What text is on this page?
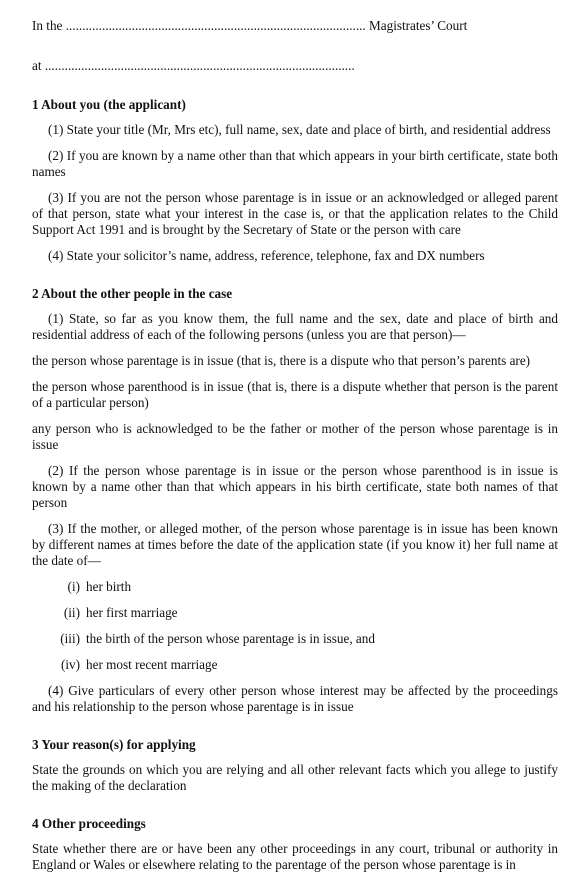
In the ........................................................................................... Magistrates’ Court

at ..............................................................................................

1 About you (the applicant)

(1) State your title (Mr, Mrs etc), full name, sex, date and place of birth, and residential address

(2) If you are known by a name other than that which appears in your birth certificate, state both names

(3) If you are not the person whose parentage is in issue or an acknowledged or alleged parent of that person, state what your interest in the case is, or that the application relates to the Child Support Act 1991 and is brought by the Secretary of State or the person with care

(4) State your solicitor’s name, address, reference, telephone, fax and DX numbers

2 About the other people in the case

(1) State, so far as you know them, the full name and the sex, date and place of birth and residential address of each of the following persons (unless you are that person)—

the person whose parentage is in issue (that is, there is a dispute who that person’s parents are)

the person whose parenthood is in issue (that is, there is a dispute whether that person is the parent of a particular person)

any person who is acknowledged to be the father or mother of the person whose parentage is in issue

(2) If the person whose parentage is in issue or the person whose parenthood is in issue is known by a name other than that which appears in his birth certificate, state both names of that person

(3) If the mother, or alleged mother, of the person whose parentage is in issue has been known by different names at times before the date of the application state (if you know it) her full name at the date of—

(i) her birth

(ii) her first marriage

(iii) the birth of the person whose parentage is in issue, and

(iv) her most recent marriage

(4) Give particulars of every other person whose interest may be affected by the proceedings and his relationship to the person whose parentage is in issue

3 Your reason(s) for applying

State the grounds on which you are relying and all other relevant facts which you allege to justify the making of the declaration

4 Other proceedings

State whether there are or have been any other proceedings in any court, tribunal or authority in England or Wales or elsewhere relating to the parentage of the person whose parentage is in
